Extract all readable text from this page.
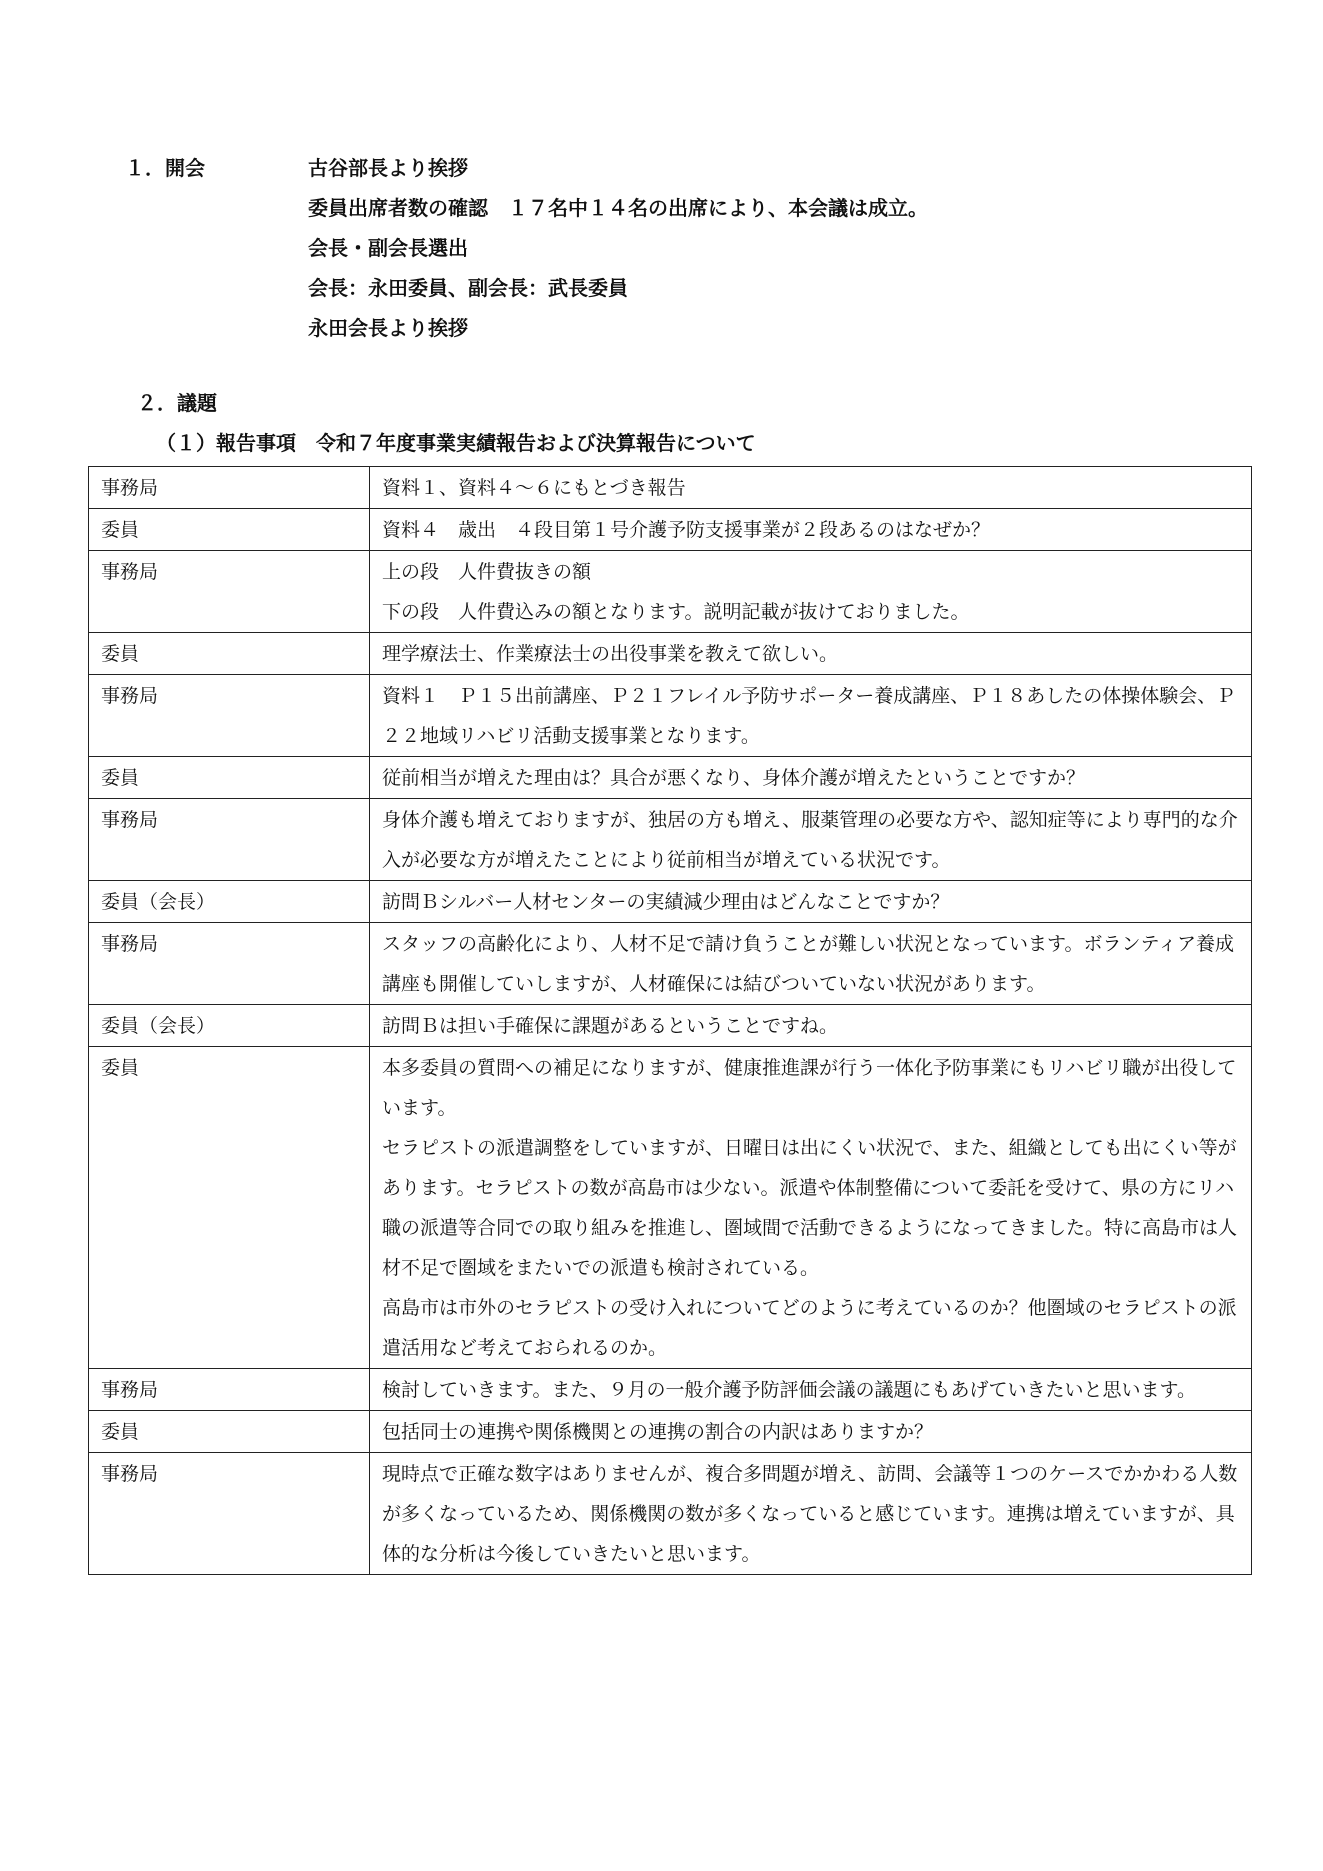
１．開会	古谷部長より挨拶
委員出席者数の確認　１７名中１４名の出席により、本会議は成立。
会長・副会長選出
会長：永田委員、副会長：武長委員
永田会長より挨拶
２．議題
（１）報告事項　令和７年度事業実績報告および決算報告について
事務局	資料１、資料４～６にもとづき報告

委員	資料４　歳出　４段目第１号介護予防支援事業が２段あるのはなぜか？

事務局	上の段　人件費抜きの額
下の段　人件費込みの額となります。説明記載が抜けておりました。

委員	理学療法士、作業療法士の出役事業を教えて欲しい。

事務局	資料１　Ｐ１５出前講座、Ｐ２１フレイル予防サポーター養成講座、Ｐ１８あしたの体操体験会、Ｐ２２地域リハビリ活動支援事業となります。

委員	従前相当が増えた理由は？具合が悪くなり、身体介護が増えたということですか？

事務局	身体介護も増えておりますが、独居の方も増え、服薬管理の必要な方や、認知症等により専門的な介入が必要な方が増えたことにより従前相当が増えている状況です。

委員（会長）	訪問Ｂシルバー人材センターの実績減少理由はどんなことですか？

事務局	スタッフの高齢化により、人材不足で請け負うことが難しい状況となっています。ボランティア養成講座も開催していしますが、人材確保には結びついていない状況があります。

委員（会長）	訪問Ｂは担い手確保に課題があるということですね。

委員	本多委員の質問への補足になりますが、健康推進課が行う一体化予防事業にもリハビリ職が出役しています。
セラピストの派遣調整をしていますが、日曜日は出にくい状況で、また、組織としても出にくい等があります。セラピストの数が高島市は少ない。派遣や体制整備について委託を受けて、県の方にリハ職の派遣等合同での取り組みを推進し、圏域間で活動できるようになってきました。特に高島市は人材不足で圏域をまたいでの派遣も検討されている。
高島市は市外のセラピストの受け入れについてどのように考えているのか？他圏域のセラピストの派遣活用など考えておられるのか。

事務局	検討していきます。また、９月の一般介護予防評価会議の議題にもあげていきたいと思います。

委員	包括同士の連携や関係機関との連携の割合の内訳はありますか？

事務局	現時点で正確な数字はありませんが、複合多問題が増え、訪問、会議等１つのケースでかかわる人数が多くなっているため、関係機関の数が多くなっていると感じています。連携は増えていますが、具体的な分析は今後していきたいと思います。
